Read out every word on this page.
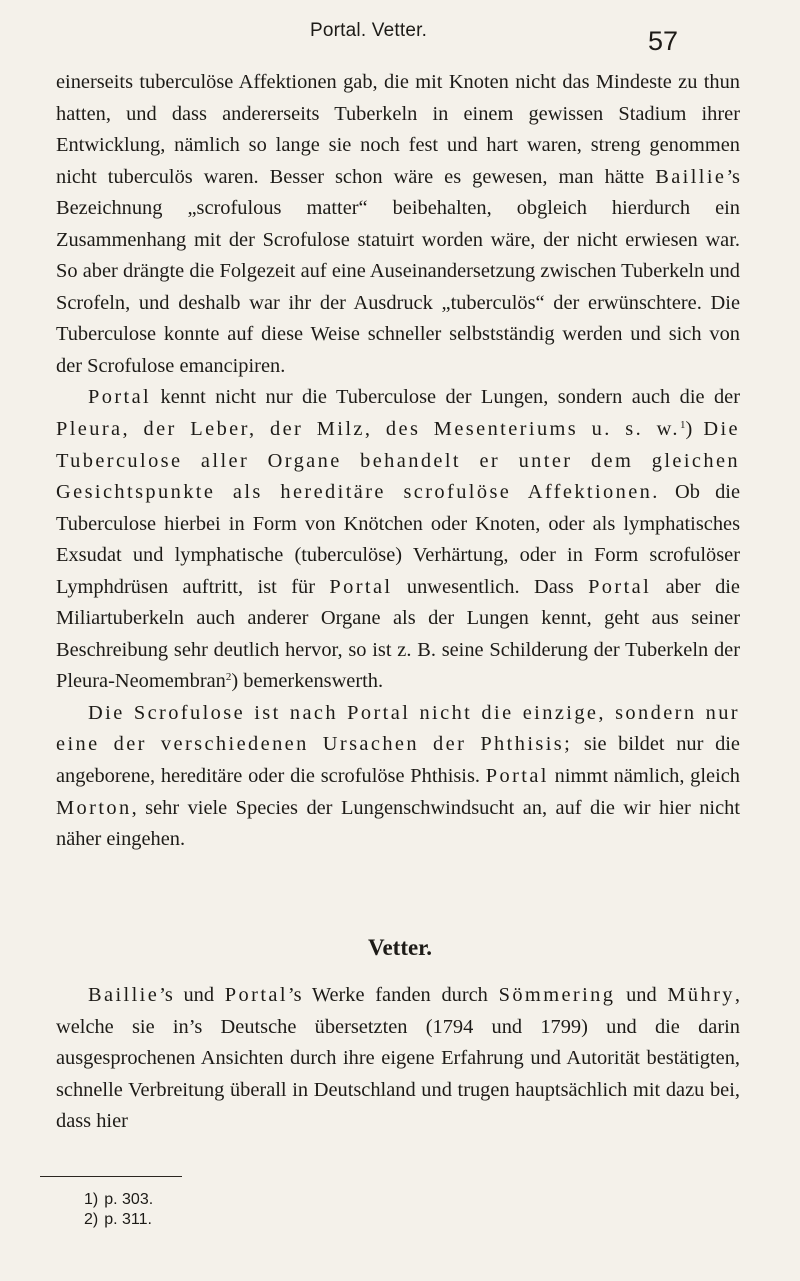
Portal. Vetter.	57

einerseits tuberculöse Affektionen gab, die mit Knoten nicht das Mindeste zu thun hatten, und dass andererseits Tuberkeln in einem gewissen Stadium ihrer Entwicklung, nämlich so lange sie noch fest und hart waren, streng genommen nicht tuberculös waren. Besser schon wäre es gewesen, man hätte Baillie’s Bezeichnung „scrofulous matter“ beibehalten, obgleich hierdurch ein Zusammenhang mit der Scrofulose statuirt worden wäre, der nicht erwiesen war. So aber drängte die Folgezeit auf eine Auseinandersetzung zwischen Tuberkeln und Scrofeln, und deshalb war ihr der Ausdruck „tuberculös“ der erwünschtere. Die Tuberculose konnte auf diese Weise schneller selbstständig werden und sich von der Scrofulose emancipiren.

Portal kennt nicht nur die Tuberculose der Lungen, sondern auch die der Pleura, der Leber, der Milz, des Mesenteriums u. s. w.$^1$) Die Tuberculose aller Organe behandelt er unter dem gleichen Gesichtspunkte als hereditäre scrofulöse Affektionen. Ob die Tuberculose hierbei in Form von Knötchen oder Knoten, oder als lymphatisches Exsudat und lymphatische (tuberculöse) Verhärtung, oder in Form scrofulöser Lymphdrüsen auftritt, ist für Portal unwesentlich. Dass Portal aber die Miliartuberkeln auch anderer Organe als der Lungen kennt, geht aus seiner Beschreibung sehr deutlich hervor, so ist z. B. seine Schilderung der Tuberkeln der Pleura-Neomembran$^2$) bemerkenswerth.

Die Scrofulose ist nach Portal nicht die einzige, sondern nur eine der verschiedenen Ursachen der Phthisis; sie bildet nur die angeborene, hereditäre oder die scrofulöse Phthisis. Portal nimmt nämlich, gleich Morton, sehr viele Species der Lungenschwindsucht an, auf die wir hier nicht näher eingehen.

Vetter.

Baillie’s und Portal’s Werke fanden durch Sömmering und Mühry, welche sie in’s Deutsche übersetzten (1794 und 1799) und die darin ausgesprochenen Ansichten durch ihre eigene Erfahrung und Autorität bestätigten, schnelle Verbreitung überall in Deutschland und trugen hauptsächlich mit dazu bei, dass hier

1) p. 303.
2) p. 311.
